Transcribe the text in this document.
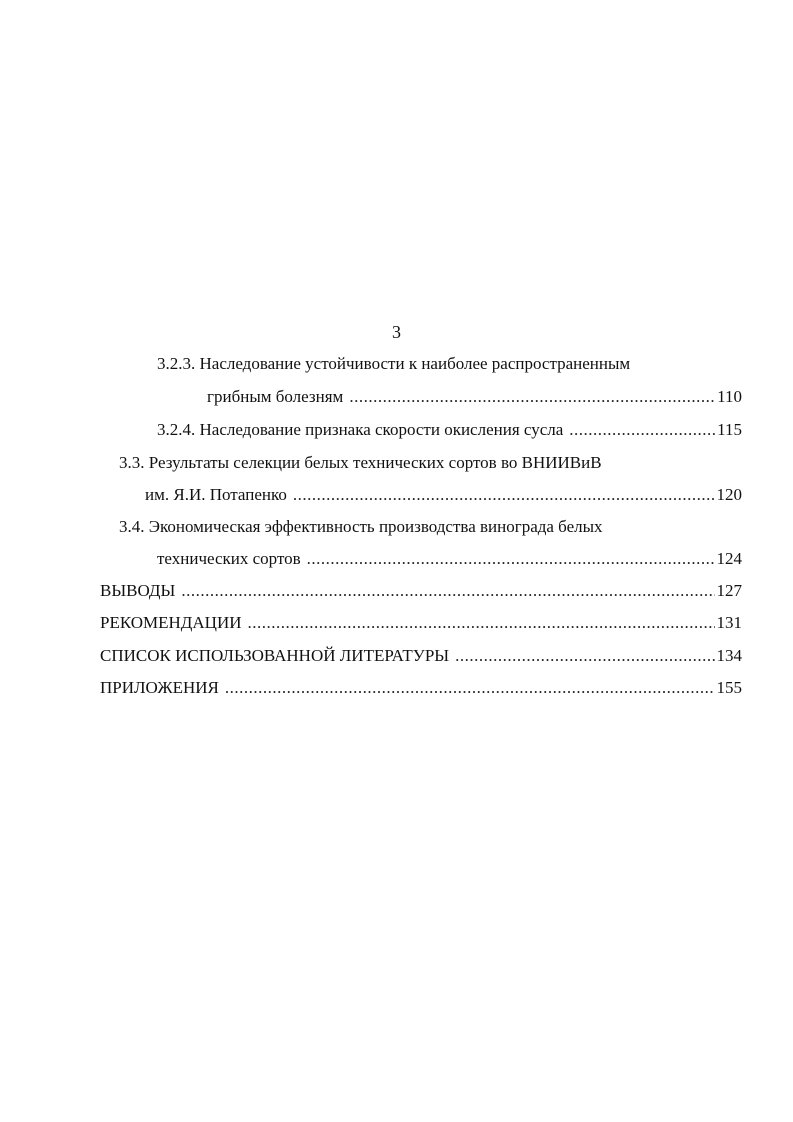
3
3.2.3. Наследование устойчивости к наиболее распространенным
грибным болезням .....	110
3.2.4. Наследование признака скорости окисления сусла .....	115
3.3. Результаты селекции белых технических сортов во ВНИИВиВ
им. Я.И. Потапенко .....	120
3.4. Экономическая эффективность производства винограда белых
технических сортов .....	124
ВЫВОДЫ .....	127
РЕКОМЕНДАЦИИ .....	131
СПИСОК ИСПОЛЬЗОВАННОЙ ЛИТЕРАТУРЫ .....	134
ПРИЛОЖЕНИЯ .....	155
